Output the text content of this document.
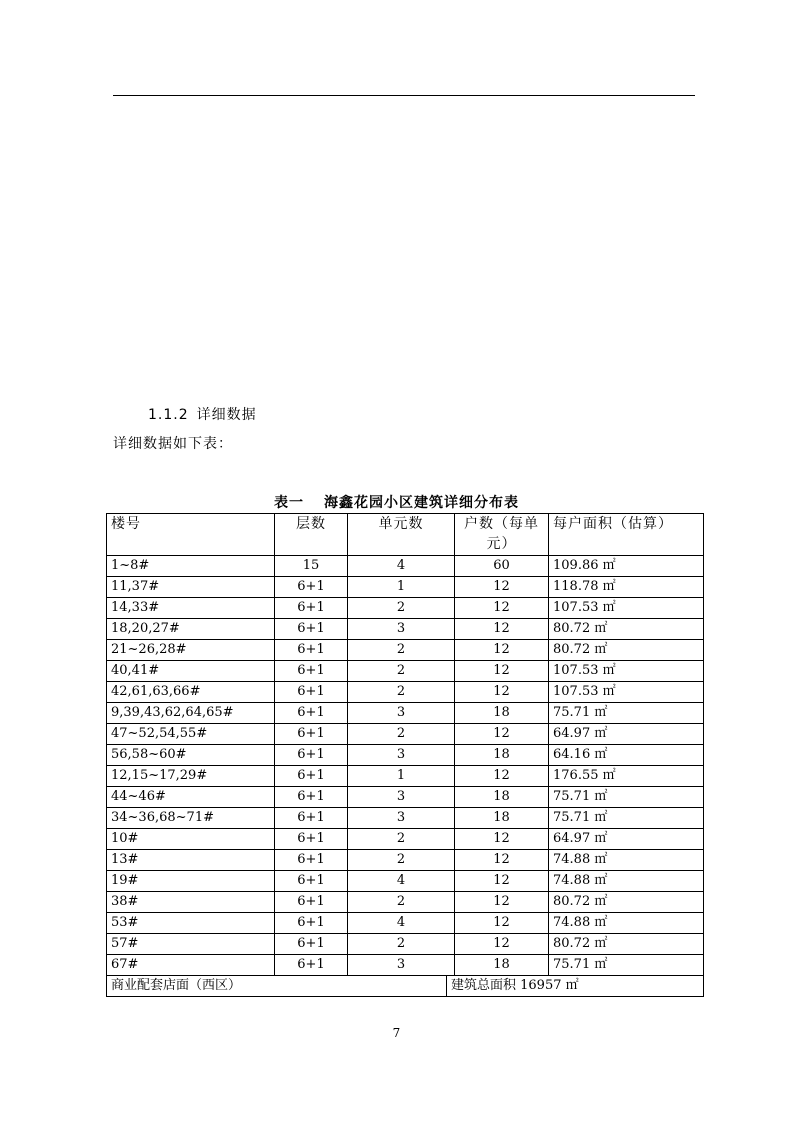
1.1.2 详细数据
详细数据如下表：
表一 海鑫花园小区建筑详细分布表
楼号	层数	单元数		户数（每单元）	每户面积（估算）
1~8#	15	4		60	109.86 ㎡
11,37#	6+1	1		12	118.78 ㎡
14,33#	6+1	2		12	107.53 ㎡
18,20,27#	6+1	3		12	80.72 ㎡
21~26,28#	6+1	2		12	80.72 ㎡
40,41#	6+1	2		12	107.53 ㎡
42,61,63,66#	6+1	2		12	107.53 ㎡
9,39,43,62,64,65#	6+1	3		18	75.71 ㎡
47~52,54,55#	6+1	2		12	64.97 ㎡
56,58~60#	6+1	3		18	64.16 ㎡
12,15~17,29#	6+1	1		12	176.55 ㎡
44~46#	6+1	3		18	75.71 ㎡
34~36,68~71#	6+1	3		18	75.71 ㎡
10#	6+1	2		12	64.97 ㎡
13#	6+1	2		12	74.88 ㎡
19#	6+1	4		12	74.88 ㎡
38#	6+1	2		12	80.72 ㎡
53#	6+1	4		12	74.88 ㎡
57#	6+1	2		12	80.72 ㎡
67#	6+1	3		18	75.71 ㎡
商业配套店面（西区）			建筑总面积 16957 ㎡		
7
